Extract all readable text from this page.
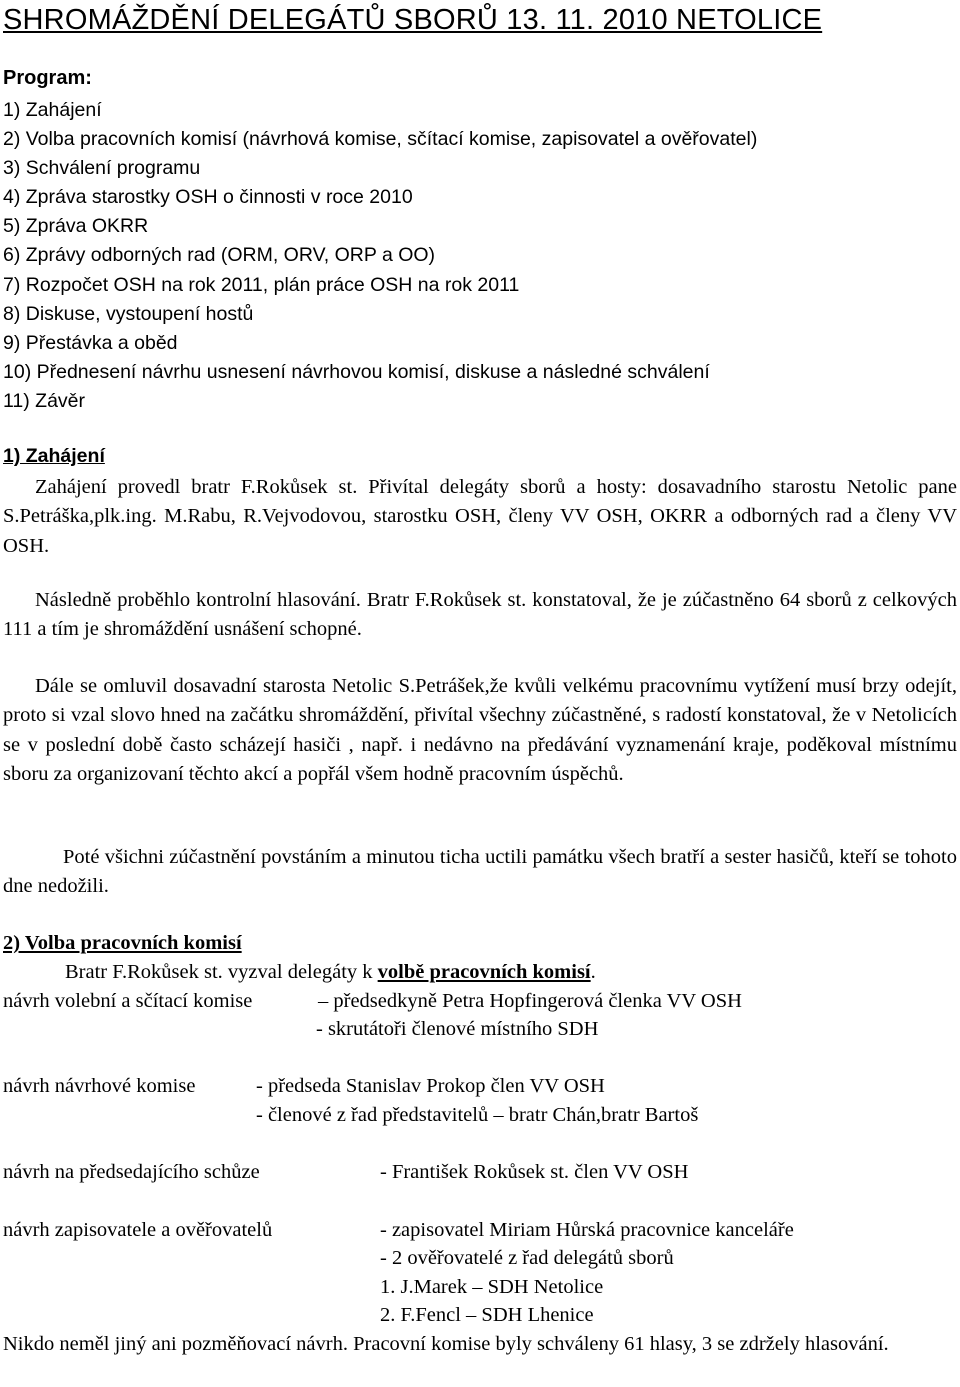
SHROMÁŽDĚNÍ DELEGÁTŮ SBORŮ 13. 11. 2010 NETOLICE
Program:
1) Zahájení
2) Volba pracovních komisí (návrhová komise, sčítací komise, zapisovatel a ověřovatel)
3) Schválení programu
4) Zpráva starostky OSH o činnosti v roce 2010
5) Zpráva OKRR
6) Zprávy odborných rad (ORM, ORV, ORP a OO)
7) Rozpočet OSH na rok 2011, plán práce OSH na rok 2011
8) Diskuse, vystoupení hostů
9) Přestávka a oběd
10) Přednesení návrhu usnesení návrhovou komisí, diskuse a následné schválení
11) Závěr
1) Zahájení

Zahájení provedl bratr F.Rokůsek st. Přivítal delegáty sborů a hosty: dosavadního starostu Netolic pane S.Petráška,plk.ing. M.Rabu, R.Vejvodovou, starostku OSH, členy VV OSH, OKRR a odborných rad a členy VV OSH.

Následně proběhlo kontrolní hlasování. Bratr F.Rokůsek st. konstatoval, že je zúčastněno 64 sborů z celkových 111 a tím je shromáždění usnášení schopné.

Dále se omluvil dosavadní starosta Netolic S.Petrášek,že kvůli velkému pracovnímu vytížení musí brzy odejít, proto si vzal slovo hned na začátku shromáždění, přivítal všechny zúčastněné, s radostí konstatoval, že v Netolicích se v poslední době často scházejí hasiči , např. i nedávno na předávání vyznamenání kraje, poděkoval místnímu sboru za organizovaní těchto akcí a popřál všem hodně pracovním úspěchů.

Poté všichni zúčastnění povstáním a minutou ticha uctili památku všech bratří a sester hasičů, kteří se tohoto dne nedožili.

2) Volba pracovních komisí
Bratr F.Rokůsek st. vyzval delegáty k volbě pracovních komisí.
návrh volební a sčítací komise	– předsedkyně Petra Hopfingerová členka VV OSH
- skrutátoři členové místního SDH
návrh návrhové komise	- předseda Stanislav Prokop člen VV OSH
- členové z řad představitelů – bratr Chán,bratr Bartoš
návrh na předsedajícího schůze	- František Rokůsek st. člen VV OSH
návrh zapisovatele a ověřovatelů	- zapisovatel Miriam Hůrská pracovnice kanceláře
- 2 ověřovatelé z řad delegátů sborů
1. J.Marek – SDH Netolice
2. F.Fencl – SDH Lhenice

Nikdo neměl jiný ani pozměňovací návrh. Pracovní komise byly schváleny 61 hlasy, 3 se zdržely hlasování.
